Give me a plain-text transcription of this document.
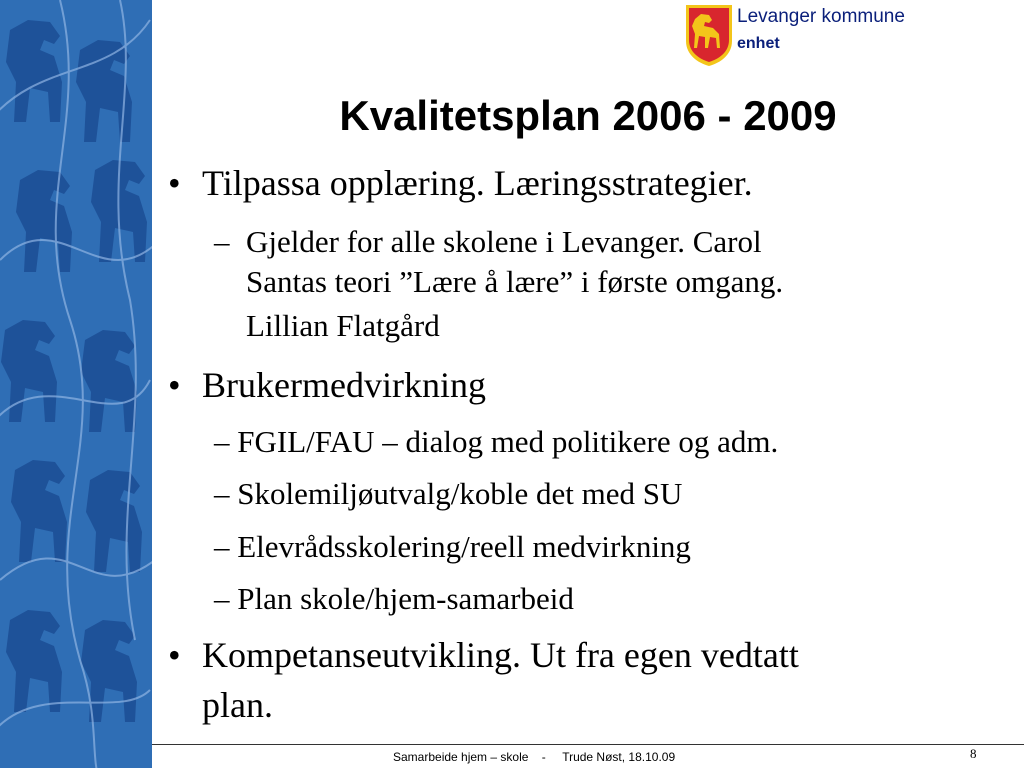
Levanger kommune
enhet
Kvalitetsplan 2006 - 2009
• Tilpassa opplæring. Læringsstrategier.
– Gjelder for alle skolene i Levanger. Carol
Santas teori ”Lære å lære” i første omgang.
Lillian Flatgård
• Brukermedvirkning
– FGIL/FAU – dialog med politikere og adm.
– Skolemiljøutvalg/koble det med SU
– Elevrådsskolering/reell medvirkning
– Plan skole/hjem-samarbeid
• Kompetanseutvikling. Ut fra egen vedtatt
plan.
Samarbeide hjem – skole    -     Trude Nøst, 18.10.09	8
